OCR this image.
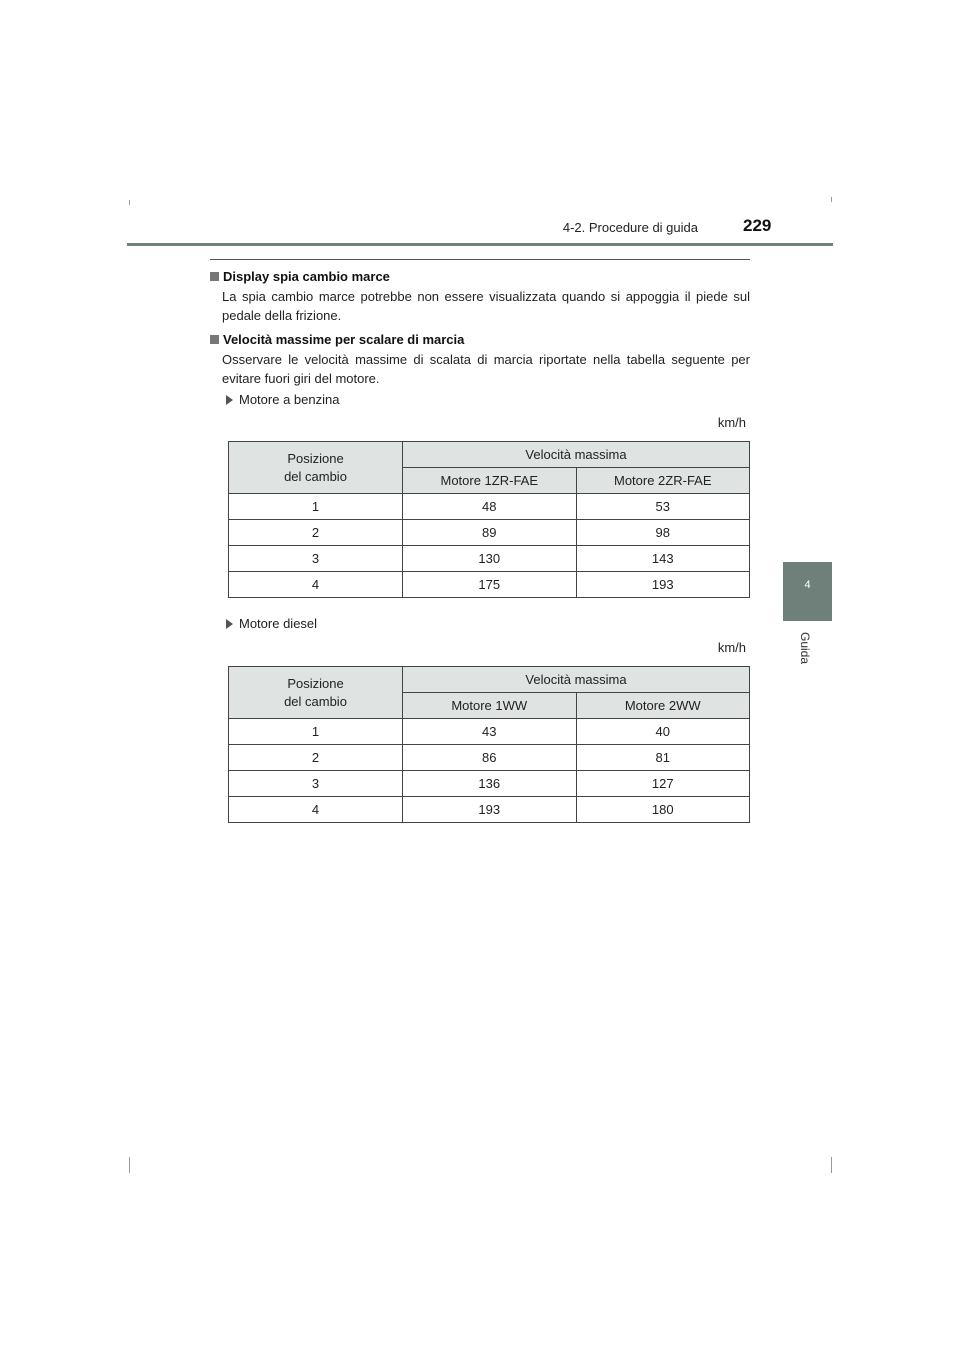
4-2. Procedure di guida	229
4
Guida

Display spia cambio marce

La spia cambio marce potrebbe non essere visualizzata quando si appoggia il piede sul pedale della frizione.

Velocità massime per scalare di marcia

Osservare le velocità massime di scalata di marcia riportate nella tabella seguente per evitare fuori giri del motore.

Motore a benzina
km/h
Posizione
del cambio	Velocità massima	
	Motore 1ZR-FAE	Motore 2ZR-FAE
1	48	53
2	89	98
3	130	143
4	175	193
Motore diesel
km/h
Posizione
del cambio	Velocità massima	
	Motore 1WW	Motore 2WW
1	43	40
2	86	81
3	136	127
4	193	180
